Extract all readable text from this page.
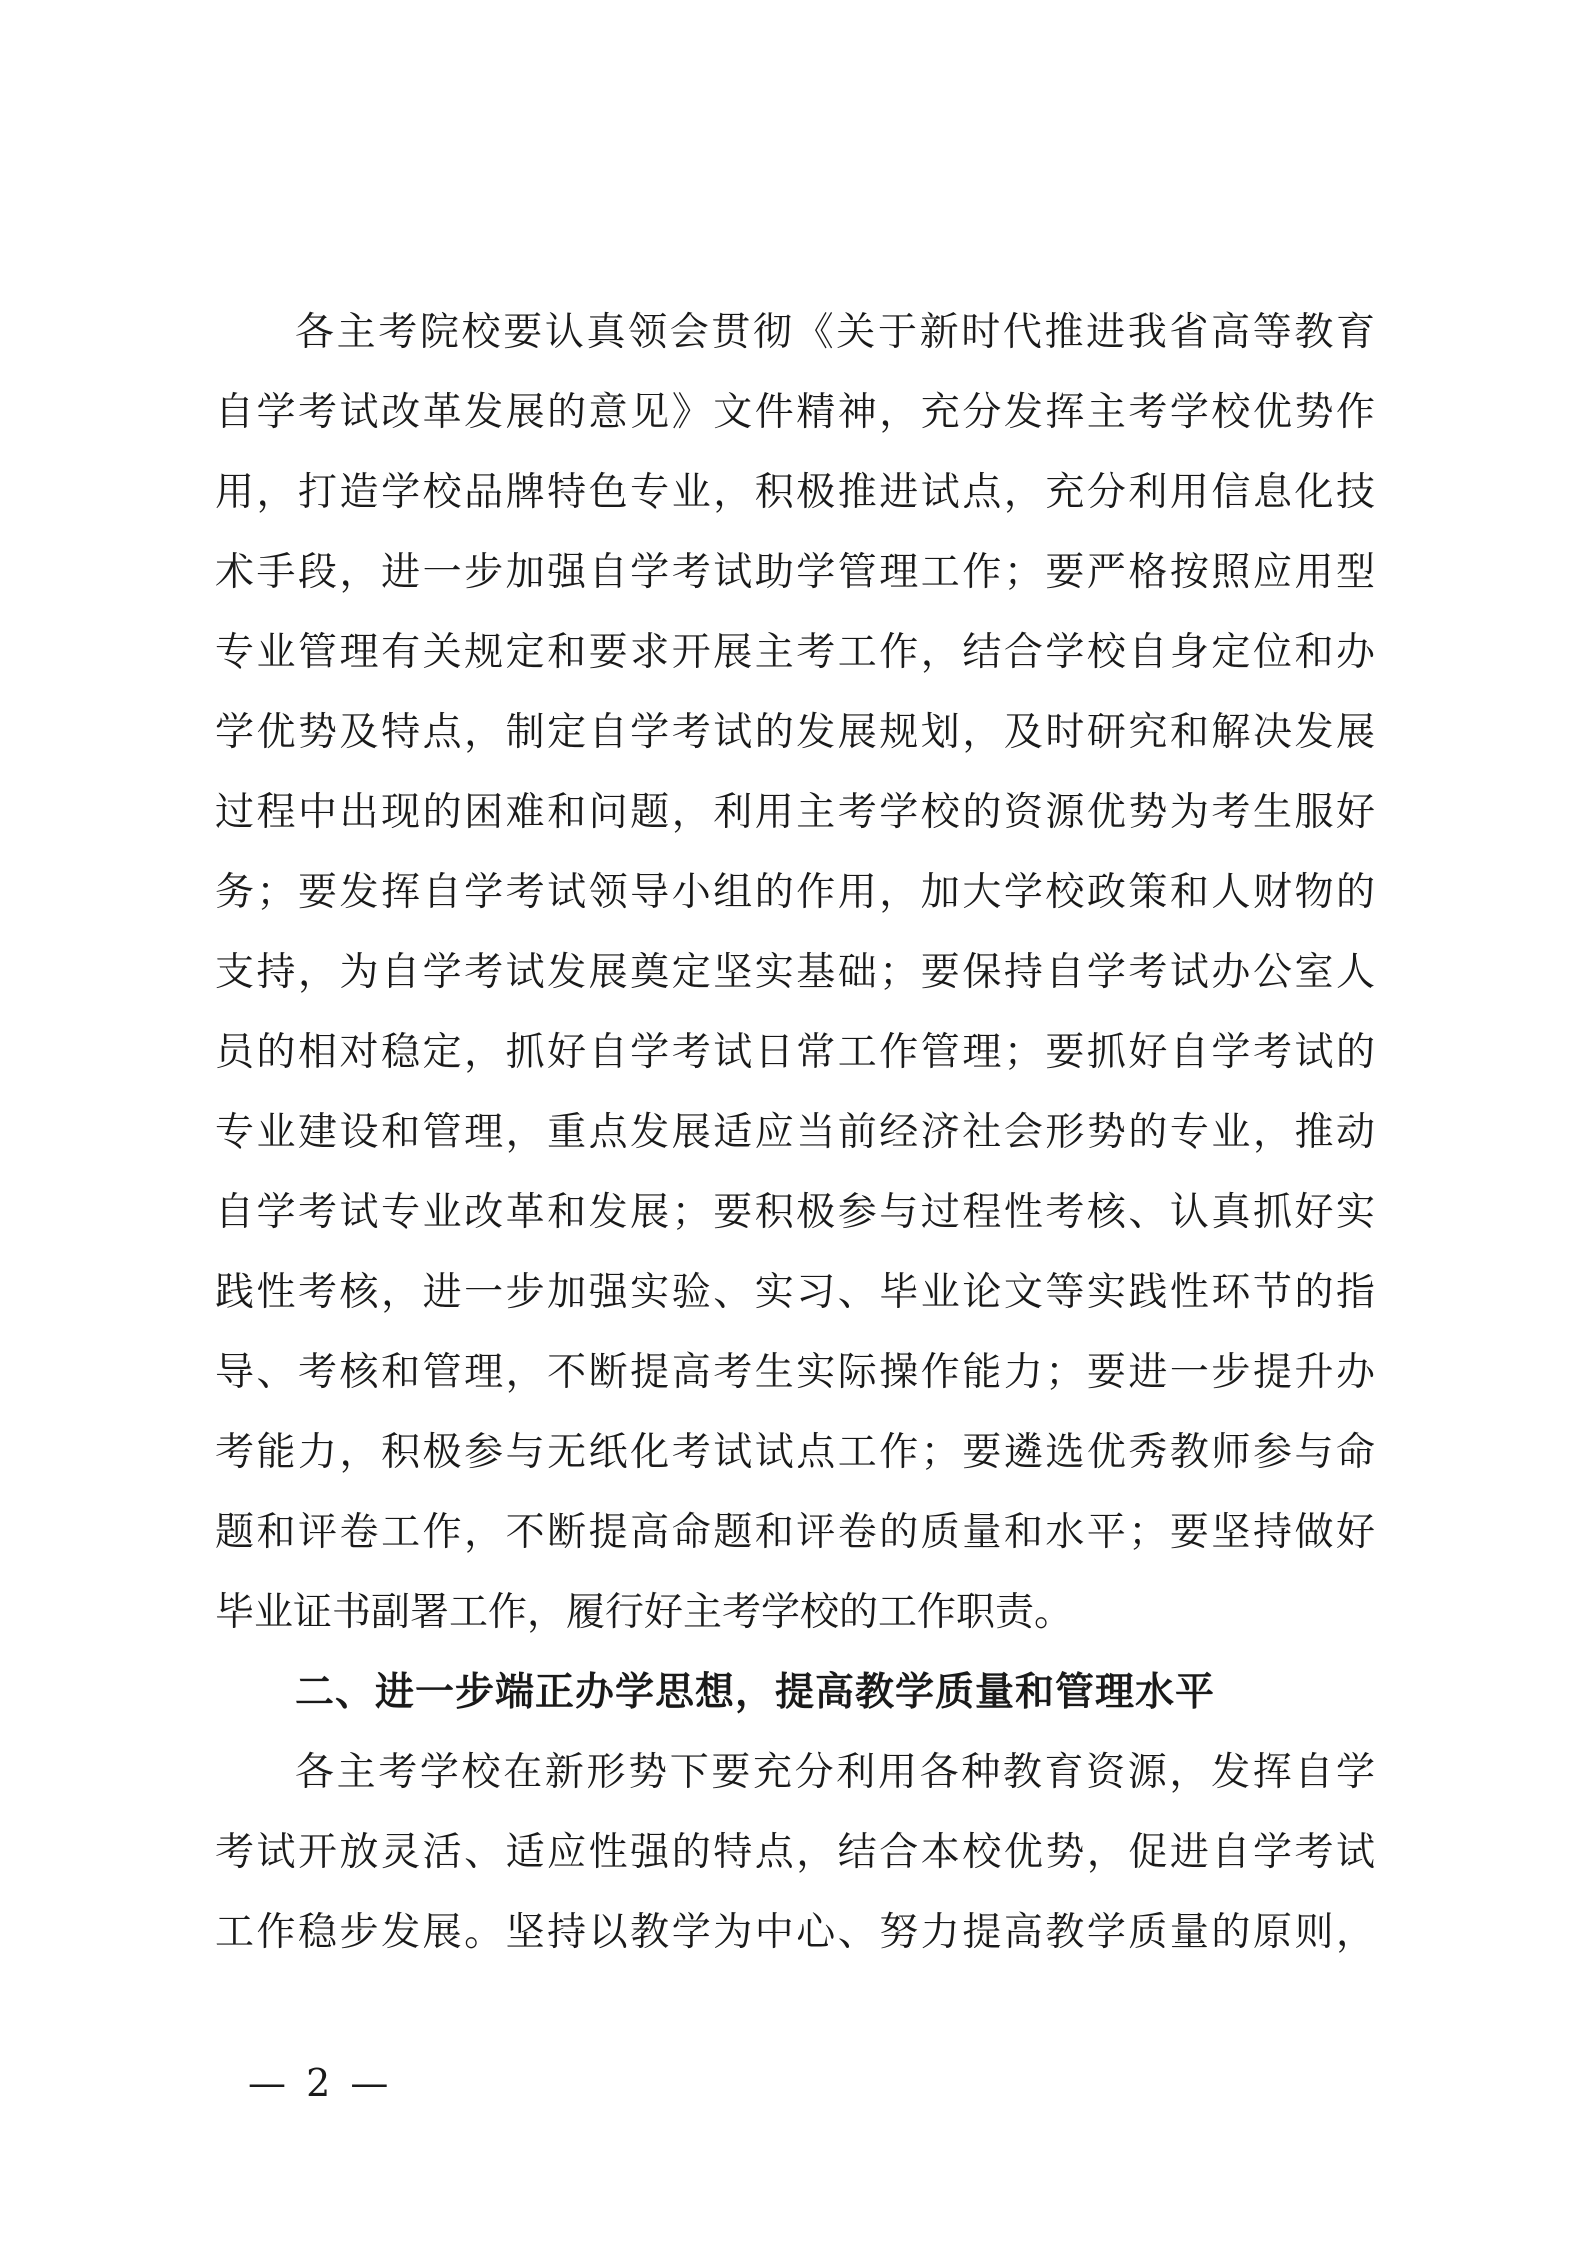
各主考院校要认真领会贯彻《关于新时代推进我省高等教育
自学考试改革发展的意见》文件精神，充分发挥主考学校优势作
用，打造学校品牌特色专业，积极推进试点，充分利用信息化技
术手段，进一步加强自学考试助学管理工作；要严格按照应用型
专业管理有关规定和要求开展主考工作，结合学校自身定位和办
学优势及特点，制定自学考试的发展规划，及时研究和解决发展
过程中出现的困难和问题，利用主考学校的资源优势为考生服好
务；要发挥自学考试领导小组的作用，加大学校政策和人财物的
支持，为自学考试发展奠定坚实基础；要保持自学考试办公室人
员的相对稳定，抓好自学考试日常工作管理；要抓好自学考试的
专业建设和管理，重点发展适应当前经济社会形势的专业，推动
自学考试专业改革和发展；要积极参与过程性考核、认真抓好实
践性考核，进一步加强实验、实习、毕业论文等实践性环节的指
导、考核和管理，不断提高考生实际操作能力；要进一步提升办
考能力，积极参与无纸化考试试点工作；要遴选优秀教师参与命
题和评卷工作，不断提高命题和评卷的质量和水平；要坚持做好
毕业证书副署工作，履行好主考学校的工作职责。
二、进一步端正办学思想，提高教学质量和管理水平
各主考学校在新形势下要充分利用各种教育资源，发挥自学
考试开放灵活、适应性强的特点，结合本校优势，促进自学考试
工作稳步发展。坚持以教学为中心、努力提高教学质量的原则，
— 2 —
